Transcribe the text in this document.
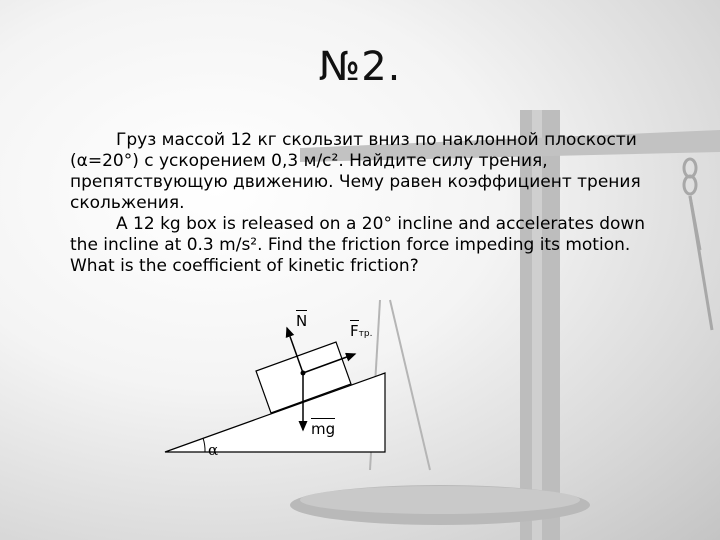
№2.

Груз массой 12 кг скользит вниз по наклонной плоскости (α=20°) с ускорением 0,3 м/с². Найдите силу трения, препятствующую движению. Чему равен коэффициент трения скольжения.

A 12 kg box is released on a 20° incline and accelerates down the incline at 0.3 m/s². Find the friction force impeding its motion. What is the coefficient of kinetic friction?

N
Fтр.
mg
α
